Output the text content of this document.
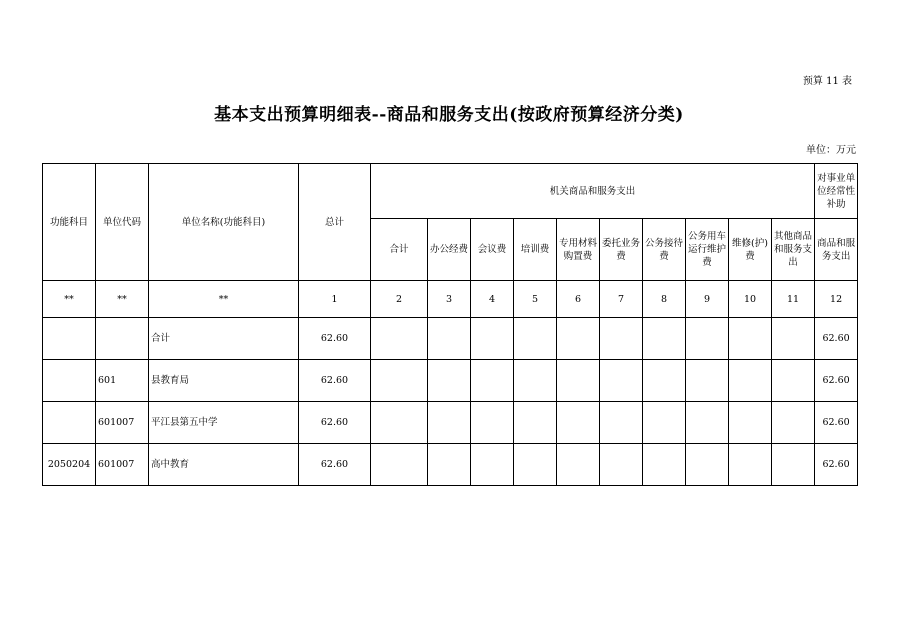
预算 11 表
基本支出预算明细表--商品和服务支出(按政府预算经济分类)
单位：万元
功能科目	单位代码	单位名称(功能科目)	总计	机关商品和服务支出										对事业单位经常性补助
				合计	办公经费	会议费	培训费	专用材料购置费	委托业务费	公务接待费	公务用车运行维护费	维修(护)费	其他商品和服务支出	商品和服务支出
**	**	**	1	2	3	4	5	6	7	8	9	10	11	12
		合计	62.60											62.60
	601	县教育局	62.60											62.60
	601007	平江县第五中学	62.60											62.60
2050204	601007	高中教育	62.60											62.60
